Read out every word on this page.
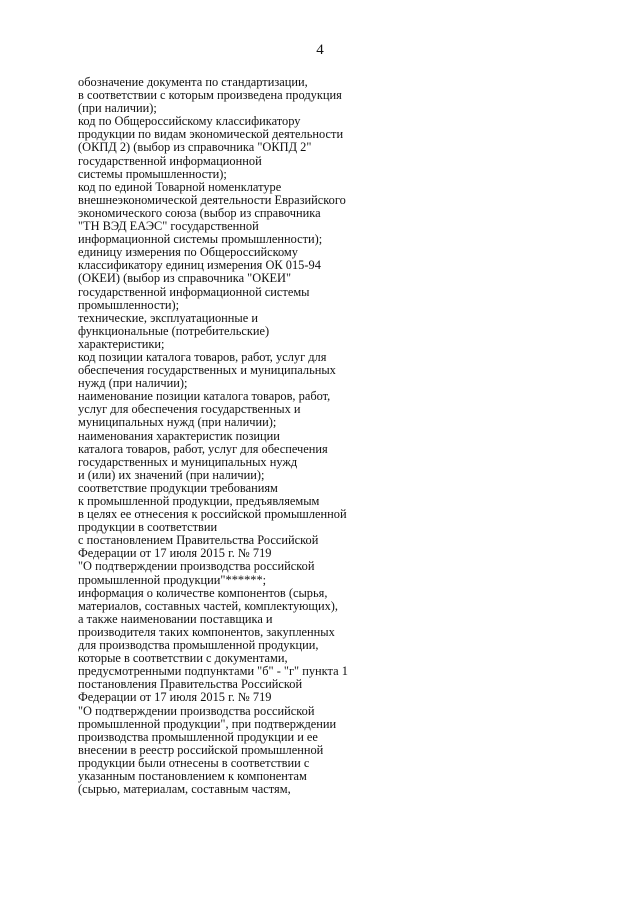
4
обозначение документа по стандартизации,
в соответствии с которым произведена продукция
(при наличии);
код по Общероссийскому классификатору
продукции по видам экономической деятельности
(ОКПД 2) (выбор из справочника "ОКПД 2"
государственной информационной
системы промышленности);
код по единой Товарной номенклатуре
внешнеэкономической деятельности Евразийского
экономического союза (выбор из справочника
"ТН ВЭД ЕАЭС" государственной
информационной системы промышленности);
единицу измерения по Общероссийскому
классификатору единиц измерения ОК 015-94
(ОКЕИ) (выбор из справочника "ОКЕИ"
государственной информационной системы
промышленности);
технические, эксплуатационные и
функциональные (потребительские)
характеристики;
код позиции каталога товаров, работ, услуг для
обеспечения государственных и муниципальных
нужд (при наличии);
наименование позиции каталога товаров, работ,
услуг для обеспечения государственных и
муниципальных нужд (при наличии);
наименования характеристик позиции
каталога товаров, работ, услуг для обеспечения
государственных и муниципальных нужд
и (или) их значений (при наличии);
соответствие продукции требованиям
к промышленной продукции, предъявляемым
в целях ее отнесения к российской промышленной
продукции в соответствии
с постановлением Правительства Российской
Федерации от 17 июля 2015 г. № 719
"О подтверждении производства российской
промышленной продукции"******;
информация о количестве компонентов (сырья,
материалов, составных частей, комплектующих),
а также наименовании поставщика и
производителя таких компонентов, закупленных
для производства промышленной продукции,
которые в соответствии с документами,
предусмотренными подпунктами "б" - "г" пункта 1
постановления Правительства Российской
Федерации от 17 июля 2015 г. № 719
"О подтверждении производства российской
промышленной продукции", при подтверждении
производства промышленной продукции и ее
внесении в реестр российской промышленной
продукции были отнесены в соответствии с
указанным постановлением к компонентам
(сырью, материалам, составным частям,
